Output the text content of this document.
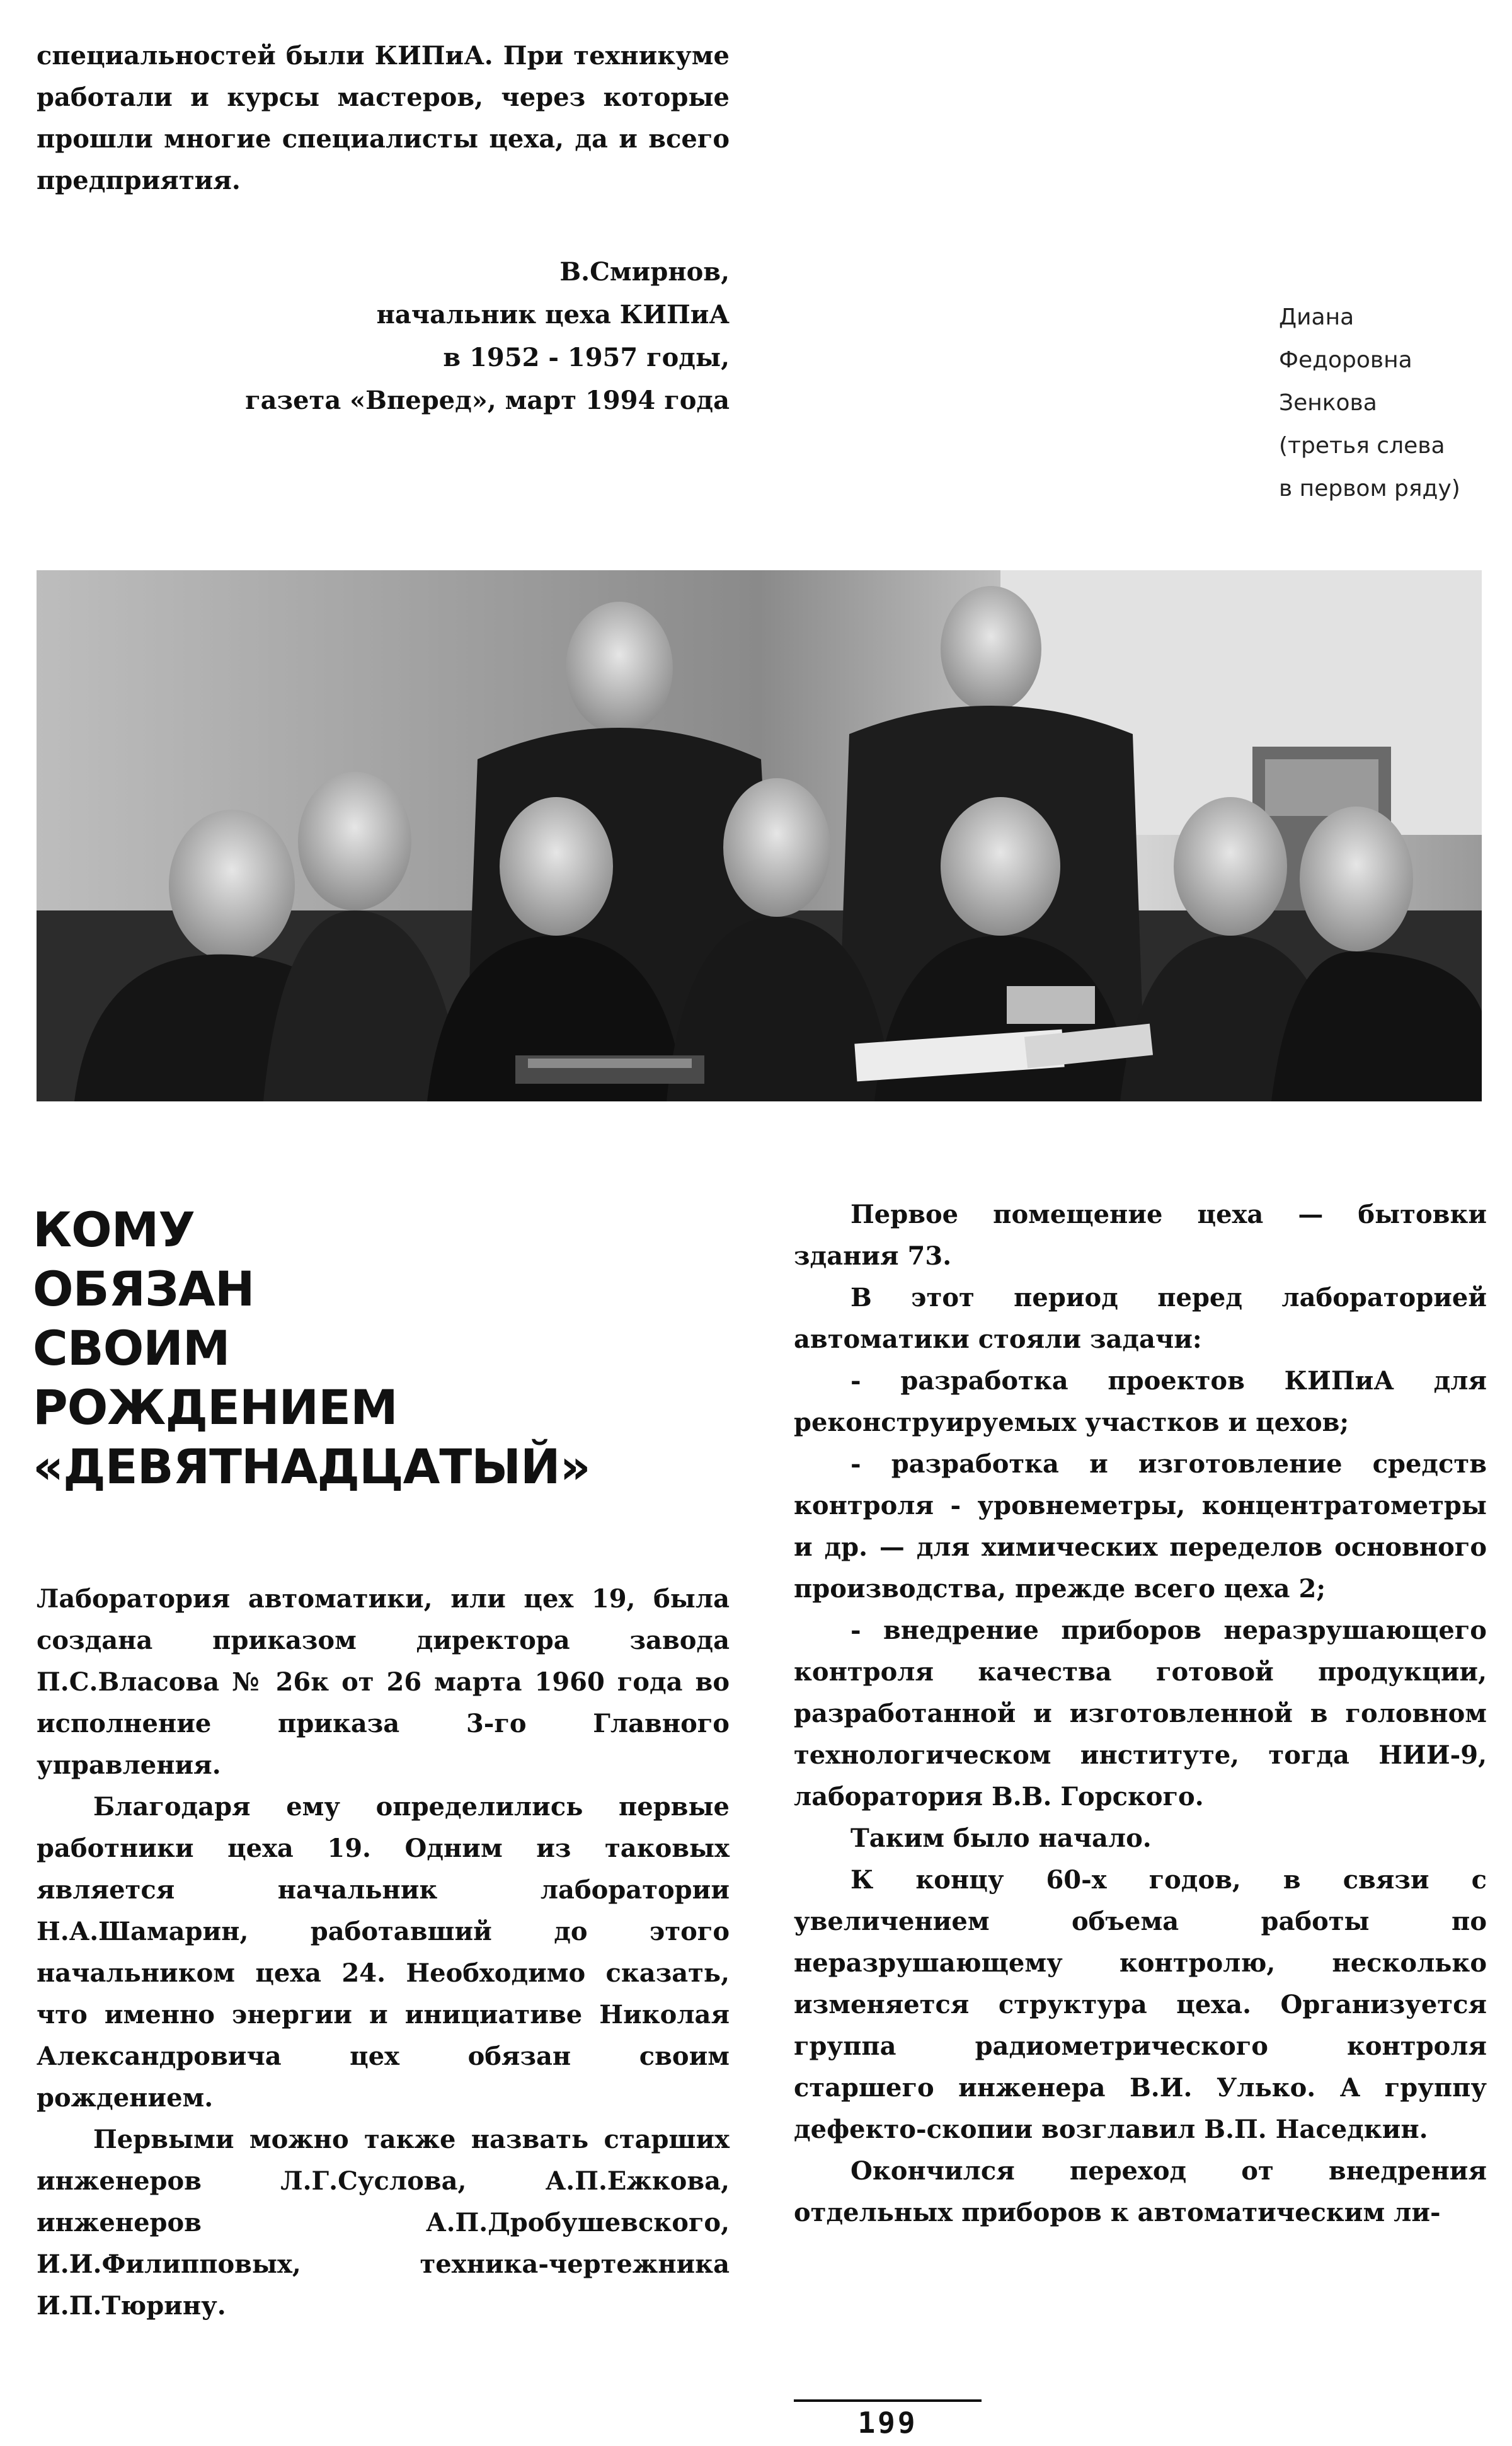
специальностей были КИПиА. При техникуме работали и курсы мастеров, через которые прошли многие специалисты цеха, да и всего предприятия.

В.Смирнов,
начальник цеха КИПиА
в 1952 - 1957 годы,
газета «Вперед», март 1994 года
Диана
Федоровна
Зенкова
(третья слева
в первом ряду)
КОМУ
ОБЯЗАН
СВОИМ
РОЖДЕНИЕМ
«ДЕВЯТНАДЦАТЫЙ»

Лаборатория автоматики, или цех 19, была создана приказом директора завода П.С.Власова № 26к от 26 марта 1960 года во исполнение приказа 3-го Главного управления.

Благодаря ему определились первые работники цеха 19. Одним из таковых является начальник лаборатории Н.А.Шамарин, работавший до этого начальником цеха 24. Необходимо сказать, что именно энергии и инициативе Николая Александровича цех обязан своим рождением.

Первыми можно также назвать старших инженеров Л.Г.Суслова, А.П.Ежкова, инженеров А.П.Дробушевского, И.И.Филипповых, техника-чертежника И.П.Тюрину.

Первое помещение цеха — бытовки здания 73.

В этот период перед лабораторией автоматики стояли задачи:

- разработка проектов КИПиА для реконструируемых участков и цехов;

- разработка и изготовление средств контроля - уровнеметры, концентратометры и др. — для химических переделов основного производства, прежде всего цеха 2;

- внедрение приборов неразрушающего контроля качества готовой продукции, разработанной и изготовленной в головном технологическом институте, тогда НИИ-9, лаборатория В.В. Горского.

Таким было начало.

К концу 60-х годов, в связи с увеличением объема работы по неразрушающему контролю, несколько изменяется структура цеха. Организуется группа радиометрического контроля старшего инженера В.И. Улько. А группу дефекто-скопии возглавил В.П. Наседкин.

Окончился переход от внедрения отдельных приборов к автоматическим ли-

199
